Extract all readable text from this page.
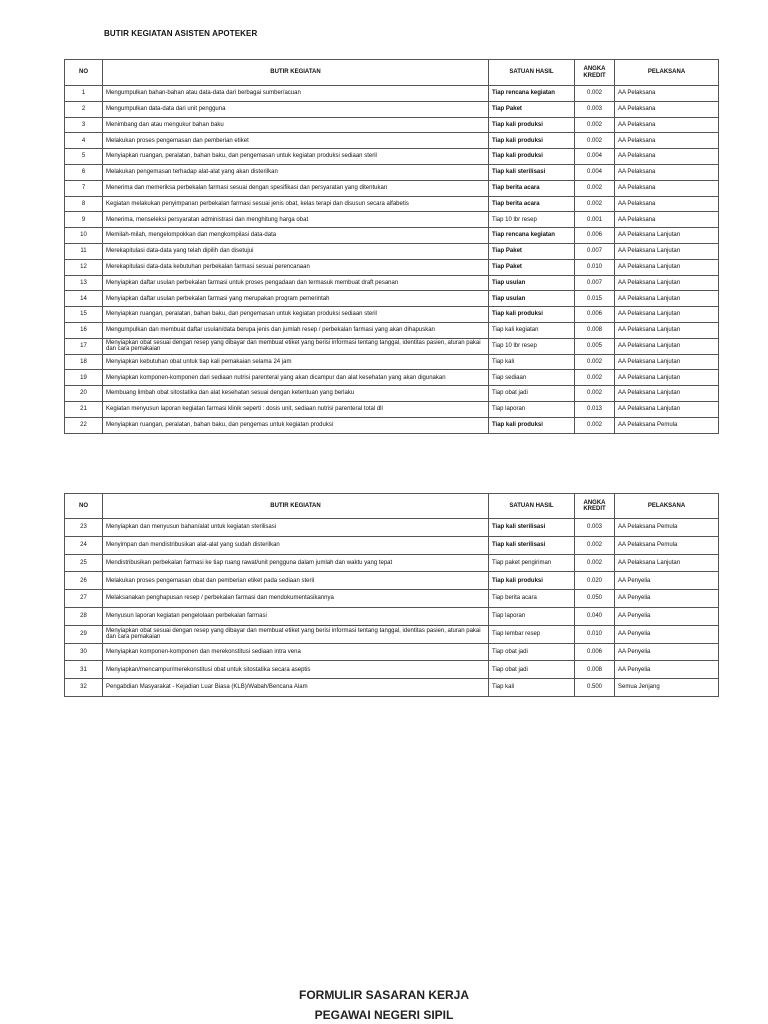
BUTIR KEGIATAN ASISTEN APOTEKER
NO	BUTIR KEGIATAN	SATUAN HASIL	ANGKA KREDIT	PELAKSANA
1	Mengumpulkan bahan-bahan atau data-data dari berbagai sumber/acuan	Tiap rencana kegiatan	0.002	AA Pelaksana
2	Mengumpulkan data-data dari unit pengguna	Tiap Paket	0.003	AA Pelaksana
3	Menimbang dan atau mengukur bahan baku	Tiap kali produksi	0.002	AA Pelaksana
4	Melakukan proses pengemasan dan pemberian etiket	Tiap kali produksi	0.002	AA Pelaksana
5	Menyiapkan ruangan, peralatan, bahan baku, dan pengemasan untuk kegiatan produksi sediaan steril	Tiap kali produksi	0.004	AA Pelaksana
6	Melakukan pengemasan terhadap alat-alat yang akan disterilkan	Tiap kali sterilisasi	0.004	AA Pelaksana
7	Menerima dan memeriksa perbekalan farmasi sesuai dengan spesifikasi dan persyaratan yang ditentukan	Tiap berita acara	0.002	AA Pelaksana
8	Kegiatan melakukan penyimpanan perbekalan farmasi sesuai jenis obat, kelas terapi dan disusun secara alfabetis	Tiap berita acara	0.002	AA Pelaksana
9	Menerima, menseleksi persyaratan administrasi dan menghitung harga obat	Tiap 10 lbr resep	0.001	AA Pelaksana
10	Memilah-milah, mengelompokkan dan mengkompilasi data-data	Tiap rencana kegiatan	0.006	AA Pelaksana Lanjutan
11	Merekapitulasi data-data yang telah dipilih dan disetujui	Tiap Paket	0.007	AA Pelaksana Lanjutan
12	Merekapitulasi data-data kebutuhan perbekalan farmasi sesuai perencanaan	Tiap Paket	0.010	AA Pelaksana Lanjutan
13	Menyiapkan daftar usulan perbekalan farmasi untuk proses pengadaan dan termasuk membuat draft pesanan	Tiap usulan	0.007	AA Pelaksana Lanjutan
14	Menyiapkan daftar usulan perbekalan farmasi yang merupakan program pemerintah	Tiap usulan	0.015	AA Pelaksana Lanjutan
15	Menyiapkan ruangan, peralatan, bahan baku, dan pengemasan untuk kegiatan produksi sediaan steril	Tiap kali produksi	0.006	AA Pelaksana Lanjutan
16	Mengumpulkan dan membuat daftar usulan/data berupa jenis dan jumlah resep / perbekalan farmasi yang akan dihapuskan	Tiap kali kegiatan	0.008	AA Pelaksana Lanjutan
17	Menyiapkan obat sesuai dengan resep yang dibayar dan membuat etiket yang berisi informasi tentang tanggal, identitas pasien, aturan pakai dan cara pemakaian	Tiap 10 lbr resep	0.005	AA Pelaksana Lanjutan
18	Menyiapkan kebutuhan obat untuk tiap kali pemakaian selama 24 jam	Tiap kali	0.002	AA Pelaksana Lanjutan
19	Menyiapkan komponen-komponen dari sediaan nutrisi parenteral yang akan dicampur dan alat kesehatan yang akan digunakan	Tiap sediaan	0.002	AA Pelaksana Lanjutan
20	Membuang limbah obat sitostatika dan alat kesehatan sesuai dengan ketentuan yang berlaku	Tiap obat jadi	0.002	AA Pelaksana Lanjutan
21	Kegiatan menyusun laporan kegiatan farmasi klinik seperti : dosis unit, sediaan nutrisi parenteral total dll	Tiap laporan	0.013	AA Pelaksana Lanjutan
22	Menyiapkan ruangan, peralatan, bahan baku, dan pengemas untuk kegiatan produksi	Tiap kali produksi	0.002	AA Pelaksana Pemula
NO	BUTIR KEGIATAN	SATUAN HASIL	ANGKA KREDIT	PELAKSANA
23	Menyiapkan dan menyusun bahan/alat untuk kegiatan sterilisasi	Tiap kali sterilisasi	0.003	AA Pelaksana Pemula
24	Menyimpan dan mendistribusikan alat-alat yang sudah disterilkan	Tiap kali sterilisasi	0.002	AA Pelaksana Pemula
25	Mendistribusikan perbekalan farmasi ke tiap ruang rawat/unit pengguna dalam jumlah dan waktu yang tepat	Tiap paket pengiriman	0.002	AA Pelaksana Lanjutan
26	Melakukan proses pengemasan obat dan pemberian etiket pada sediaan steril	Tiap kali produksi	0.020	AA Penyelia
27	Melaksanakan penghapusan resep / perbekalan farmasi dan mendokumentasikannya	Tiap berita acara	0.050	AA Penyelia
28	Menyusun laporan kegiatan pengelolaan perbekalan farmasi	Tiap laporan	0.040	AA Penyelia
29	Menyiapkan obat sesuai dengan resep yang dibayar dan membuat etiket yang berisi informasi tentang tanggal, identitas pasien, aturan pakai dan cara pemakaian	Tiap lembar resep	0.010	AA Penyelia
30	Menyiapkan komponen-komponen dan merekonstitusi sediaan intra vena	Tiap obat jadi	0.006	AA Penyelia
31	Menyiapkan/mencampur/merekonstitusi obat untuk sitostatika secara aseptis	Tiap obat jadi	0.008	AA Penyelia
32	Pengabdian Masyarakat - Kejadian Luar Biasa (KLB)/Wabah/Bencana Alam	Tiap kali	0.500	Semua Jenjang
FORMULIR SASARAN KERJA
PEGAWAI NEGERI SIPIL
